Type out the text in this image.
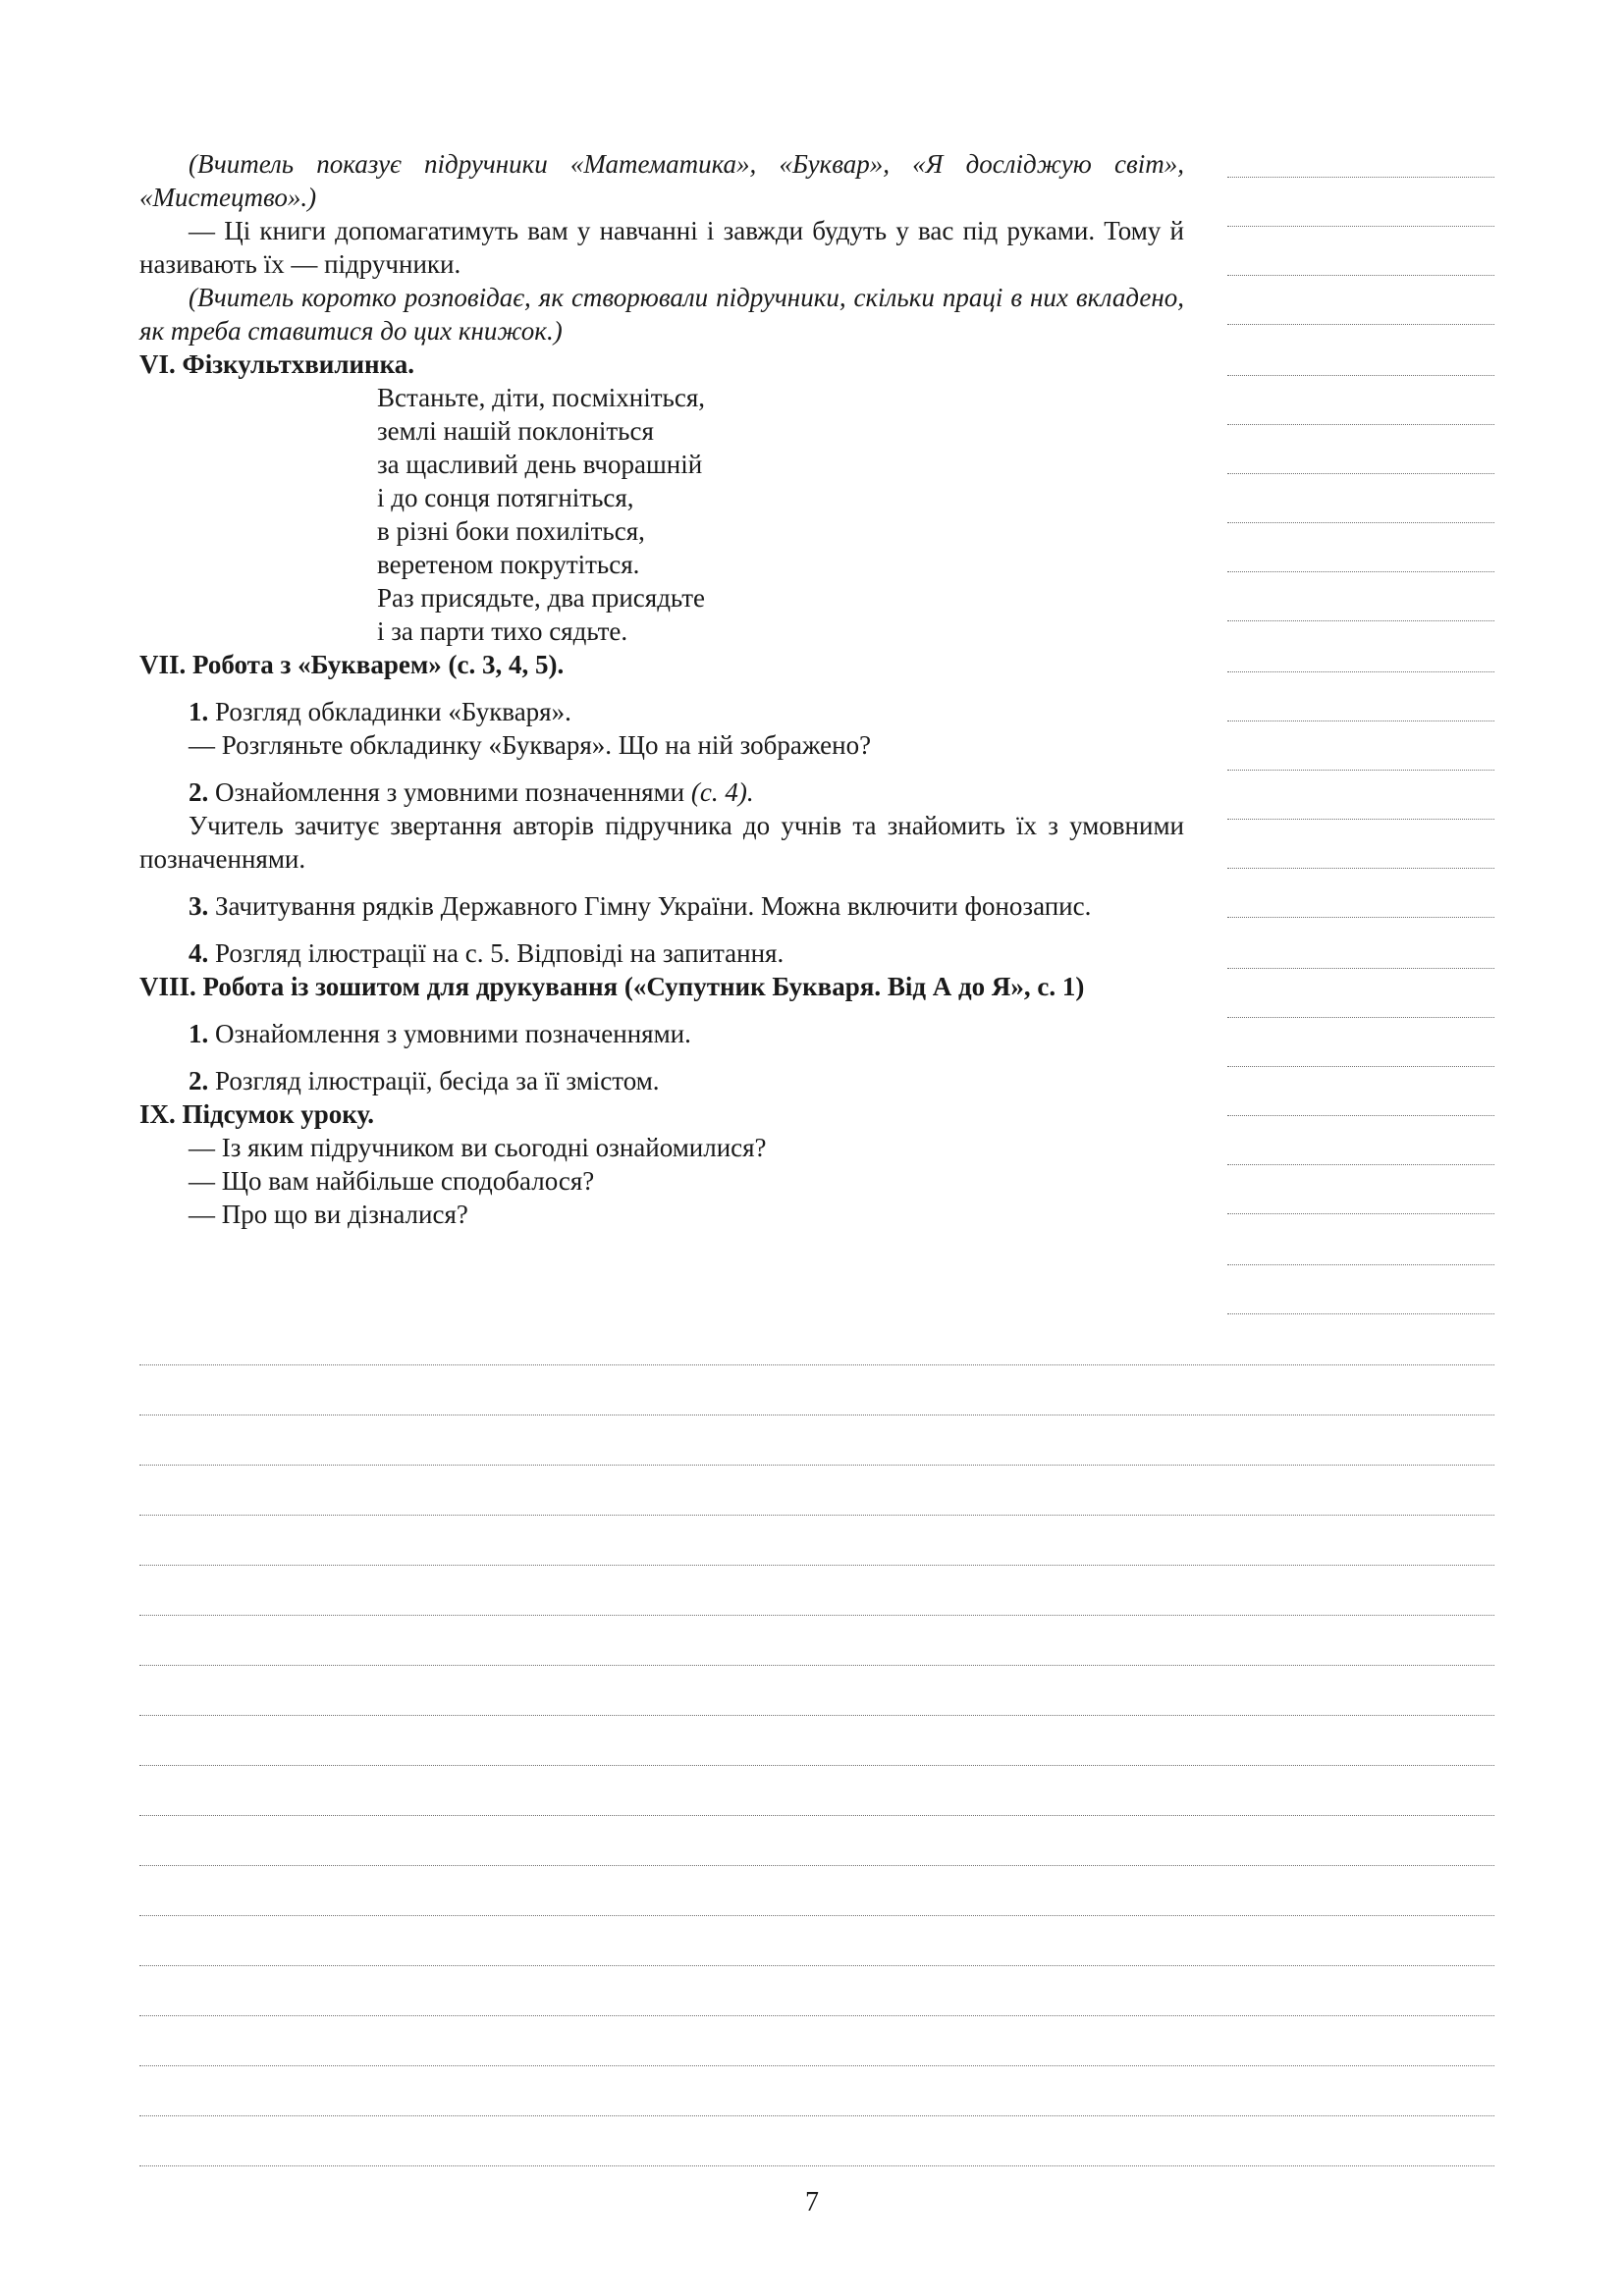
(Вчитель показує підручники «Математика», «Буквар», «Я досліджую світ», «Мистецтво».)

— Ці книги допомагатимуть вам у навчанні і завжди будуть у вас під руками. Тому й називають їх — підручники.

(Вчитель коротко розповідає, як створювали підручники, скільки праці в них вкладено, як треба ставитися до цих книжок.)

VI. Фізкультхвилинка.

Встаньте, діти, посміхніться,

землі нашій поклоніться

за щасливий день вчорашній

і до сонця потягніться,

в різні боки похиліться,

веретеном покрутіться.

Раз присядьте, два присядьте

і за парти тихо сядьте.

VII. Робота з «Букварем» (с. 3, 4, 5).

1. Розгляд обкладинки «Букваря».

— Розгляньте обкладинку «Букваря». Що на ній зображено?

2. Ознайомлення з умовними позначеннями (с. 4).

Учитель зачитує звертання авторів підручника до учнів та знайомить їх з умовними позначеннями.

3. Зачитування рядків Державного Гімну України. Можна включити фонозапис.

4. Розгляд ілюстрації на с. 5. Відповіді на запитання.

VIII. Робота із зошитом для друкування («Супутник Букваря. Від А до Я», с. 1)

1. Ознайомлення з умовними позначеннями.

2. Розгляд ілюстрації, бесіда за її змістом.

IX. Підсумок уроку.

— Із яким підручником ви сьогодні ознайомилися?

— Що вам найбільше сподобалося?

— Про що ви дізналися?

7
